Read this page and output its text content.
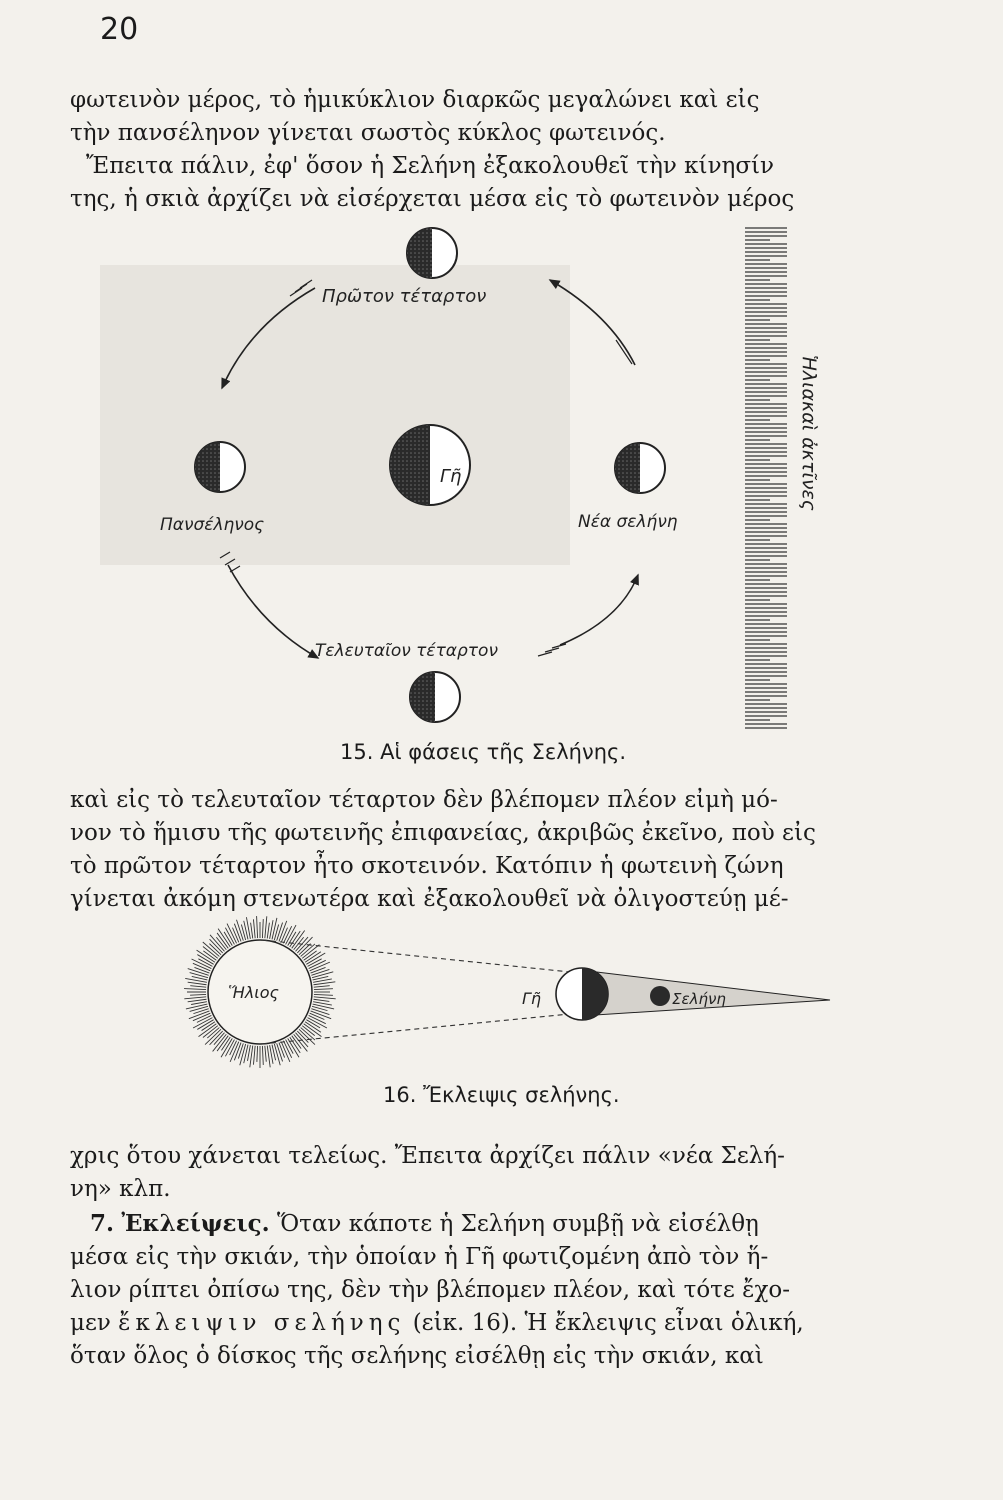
20

φωτεινὸν μέρος, τὸ ἡμικύκλιον διαρκῶς μεγαλώνει καὶ εἰς
τὴν πανσέληνον γίνεται σωστὸς κύκλος φωτεινός.
Ἔπειτα πάλιν, ἐφ' ὅσον ἡ Σελήνη ἐξακολουθεῖ τὴν κίνησίν
της, ἡ σκιὰ ἀρχίζει νὰ εἰσέρχεται μέσα εἰς τὸ φωτεινὸν μέρος

Ἡλιακαὶ ἀκτῖνες
Πρῶτον τέταρτον
Πανσέληνος
Γῆ
Νέα σελήνη
Τελευταῖον τέταρτον
15. Αἱ φάσεις τῆς Σελήνης.

καὶ εἰς τὸ τελευταῖον τέταρτον δὲν βλέπομεν πλέον εἰμὴ μό-
νον τὸ ἥμισυ τῆς φωτεινῆς ἐπιφανείας, ἀκριβῶς ἐκεῖνο, ποὺ εἰς
τὸ πρῶτον τέταρτον ἦτο σκοτεινόν. Κατόπιν ἡ φωτεινὴ ζώνη
γίνεται ἀκόμη στενωτέρα καὶ ἐξακολουθεῖ νὰ ὀλιγοστεύῃ μέ-

Ἥλιος	Γῆ	Σελήνη
16. Ἔκλειψις σελήνης.

χρις ὅτου χάνεται τελείως. Ἔπειτα ἀρχίζει πάλιν «νέα Σελή-
νη» κλπ.

7. Ἐκλείψεις. Ὅταν κάποτε ἡ Σελήνη συμβῇ νὰ εἰσέλθῃ
μέσα εἰς τὴν σκιάν, τὴν ὁποίαν ἡ Γῆ φωτιζομένη ἀπὸ τὸν ἥ-
λιον ρίπτει ὀπίσω της, δὲν τὴν βλέπομεν πλέον, καὶ τότε ἔχο-
μεν ἔκλειψιν σελήνης (εἰκ. 16). Ἡ ἔκλειψις εἶναι ὁλική,
ὅταν ὅλος ὁ δίσκος τῆς σελήνης εἰσέλθῃ εἰς τὴν σκιάν, καὶ
